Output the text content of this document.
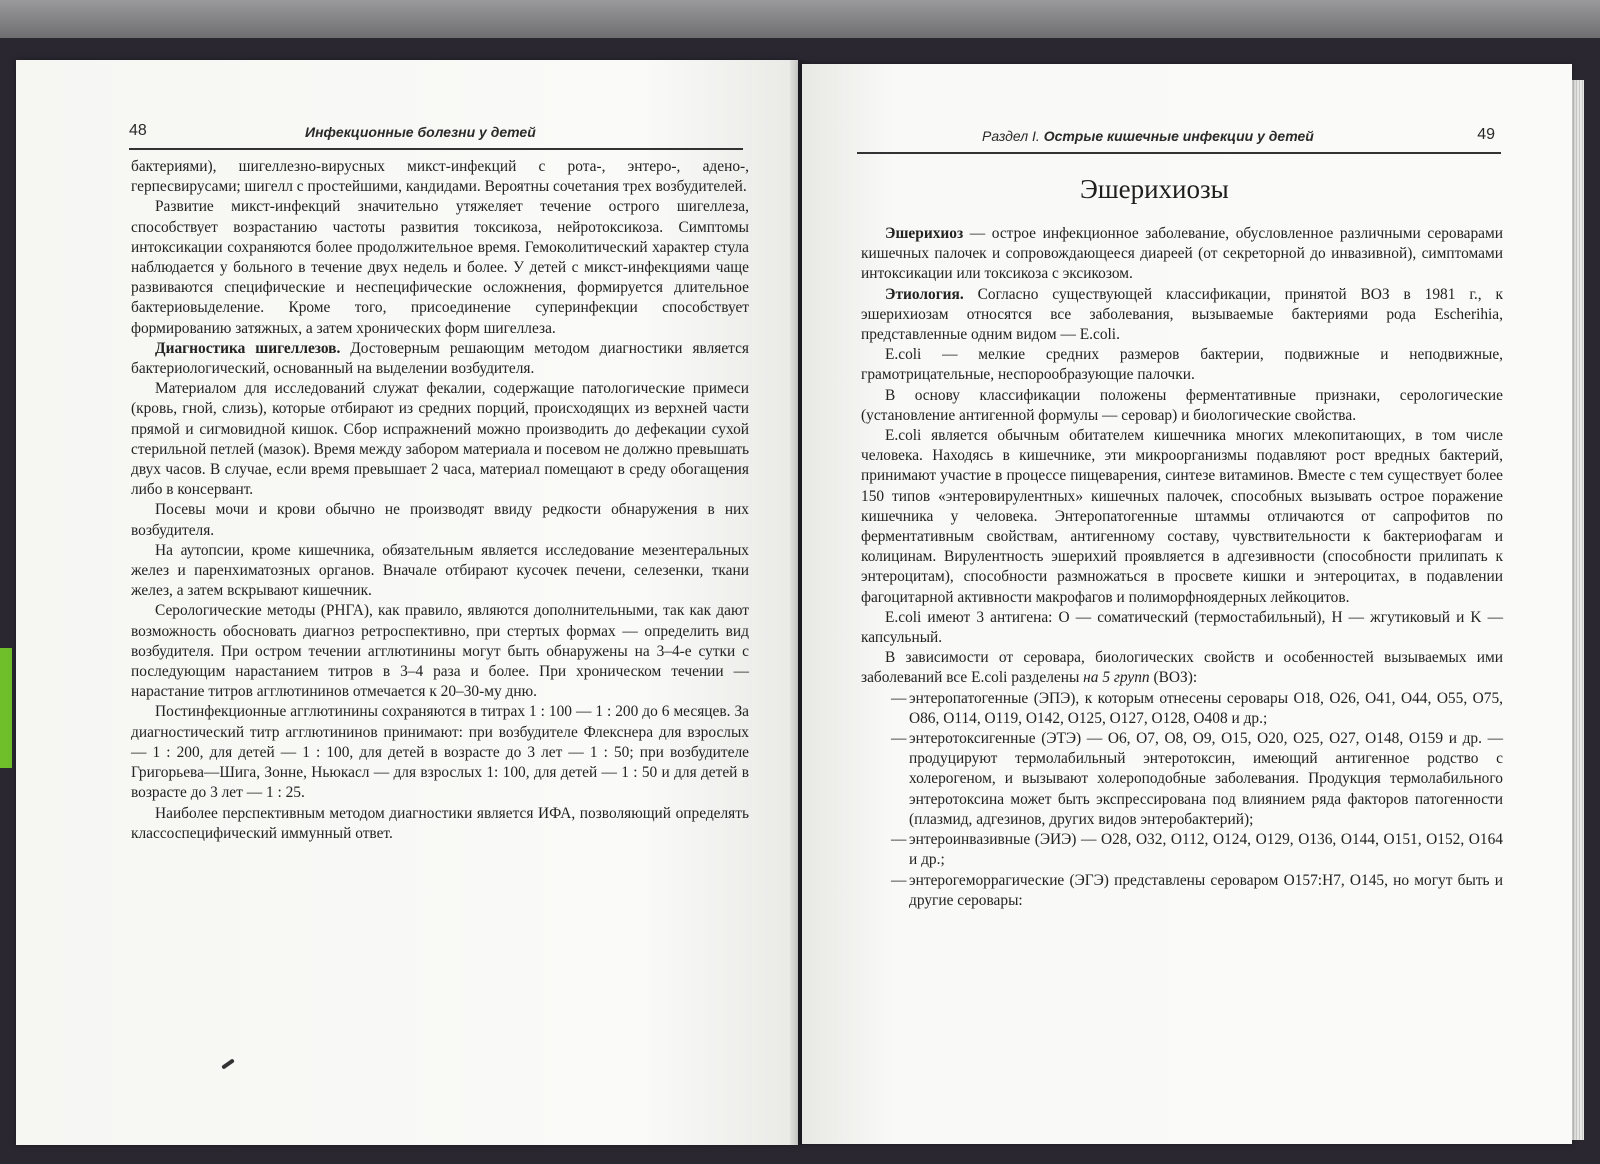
48	Инфекционные болезни у детей

бактериями), шигеллезно-вирусных микст-инфекций с рота-, энтеро-, адено-, герпесвирусами; шигелл с простейшими, кандидами. Вероятны сочетания трех возбудителей.

Развитие микст-инфекций значительно утяжеляет течение острого шигеллеза, способствует возрастанию частоты развития токсикоза, нейротоксикоза. Симптомы интоксикации сохраняются более продолжительное время. Гемоколитический характер стула наблюдается у больного в течение двух недель и более. У детей с микст-инфекциями чаще развиваются специфические и неспецифические осложнения, формируется длительное бактериовыделение. Кроме того, присоединение суперинфекции способствует формированию затяжных, а затем хронических форм шигеллеза.

Диагностика шигеллезов. Достоверным решающим методом диагностики является бактериологический, основанный на выделении возбудителя.

Материалом для исследований служат фекалии, содержащие патологические примеси (кровь, гной, слизь), которые отбирают из средних порций, происходящих из верхней части прямой и сигмовидной кишок. Сбор испражнений можно производить до дефекации сухой стерильной петлей (мазок). Время между забором материала и посевом не должно превышать двух часов. В случае, если время превышает 2 часа, материал помещают в среду обогащения либо в консервант.

Посевы мочи и крови обычно не производят ввиду редкости обнаружения в них возбудителя.

На аутопсии, кроме кишечника, обязательным является исследование мезентеральных желез и паренхиматозных органов. Вначале отбирают кусочек печени, селезенки, ткани желез, а затем вскрывают кишечник.

Серологические методы (РНГА), как правило, являются дополнительными, так как дают возможность обосновать диагноз ретроспективно, при стертых формах — определить вид возбудителя. При остром течении агглютинины могут быть обнаружены на 3–4-е сутки с последующим нарастанием титров в 3–4 раза и более. При хроническом течении — нарастание титров агглютининов отмечается к 20–30-му дню.

Постинфекционные агглютинины сохраняются в титрах 1 : 100 — 1 : 200 до 6 месяцев. За диагностический титр агглютининов принимают: при возбудителе Флекснера для взрослых — 1 : 200, для детей — 1 : 100, для детей в возрасте до 3 лет — 1 : 50; при возбудителе Григорьева—Шига, Зонне, Ньюкасл — для взрослых 1: 100, для детей — 1 : 50 и для детей в возрасте до 3 лет — 1 : 25.

Наиболее перспективным методом диагностики является ИФА, позволяющий определять классоспецифический иммунный ответ.

Раздел I. Острые кишечные инфекции у детей	49
Эшерихиозы

Эшерихиоз — острое инфекционное заболевание, обусловленное различными сероварами кишечных палочек и сопровождающееся диареей (от секреторной до инвазивной), симптомами интоксикации или токсикоза с эксикозом.

Этиология. Согласно существующей классификации, принятой ВОЗ в 1981 г., к эшерихиозам относятся все заболевания, вызываемые бактериями рода Escherihia, представленные одним видом — E.coli.

E.coli — мелкие средних размеров бактерии, подвижные и неподвижные, грамотрицательные, неспорообразующие палочки.

В основу классификации положены ферментативные признаки, серологические (установление антигенной формулы — серовар) и биологические свойства.

E.coli является обычным обитателем кишечника многих млекопитающих, в том числе человека. Находясь в кишечнике, эти микроорганизмы подавляют рост вредных бактерий, принимают участие в процессе пищеварения, синтезе витаминов. Вместе с тем существует более 150 типов «энтеровирулентных» кишечных палочек, способных вызывать острое поражение кишечника у человека. Энтеропатогенные штаммы отличаются от сапрофитов по ферментативным свойствам, антигенному составу, чувствительности к бактериофагам и колицинам. Вирулентность эшерихий проявляется в адгезивности (способности прилипать к энтероцитам), способности размножаться в просвете кишки и энтероцитах, в подавлении фагоцитарной активности макрофагов и полиморфноядерных лейкоцитов.

E.coli имеют 3 антигена: O — соматический (термостабильный), H — жгутиковый и K — капсульный.

В зависимости от серовара, биологических свойств и особенностей вызываемых ими заболеваний все E.coli разделены на 5 групп (ВОЗ):

— энтеропатогенные (ЭПЭ), к которым отнесены серовары O18, O26, O41, O44, O55, O75, O86, O114, O119, O142, O125, O127, O128, O408 и др.;
— энтеротоксигенные (ЭТЭ) — O6, O7, O8, O9, O15, O20, O25, O27, O148, O159 и др. — продуцируют термолабильный энтеротоксин, имеющий антигенное родство с холерогеном, и вызывают холероподобные заболевания. Продукция термолабильного энтеротоксина может быть экспрессирована под влиянием ряда факторов патогенности (плазмид, адгезинов, других видов энтеробактерий);
— энтероинвазивные (ЭИЭ) — O28, O32, O112, O124, O129, O136, O144, O151, O152, O164 и др.;
— энтерогеморрагические (ЭГЭ) представлены сероваром O157:H7, O145, но могут быть и другие серовары:
